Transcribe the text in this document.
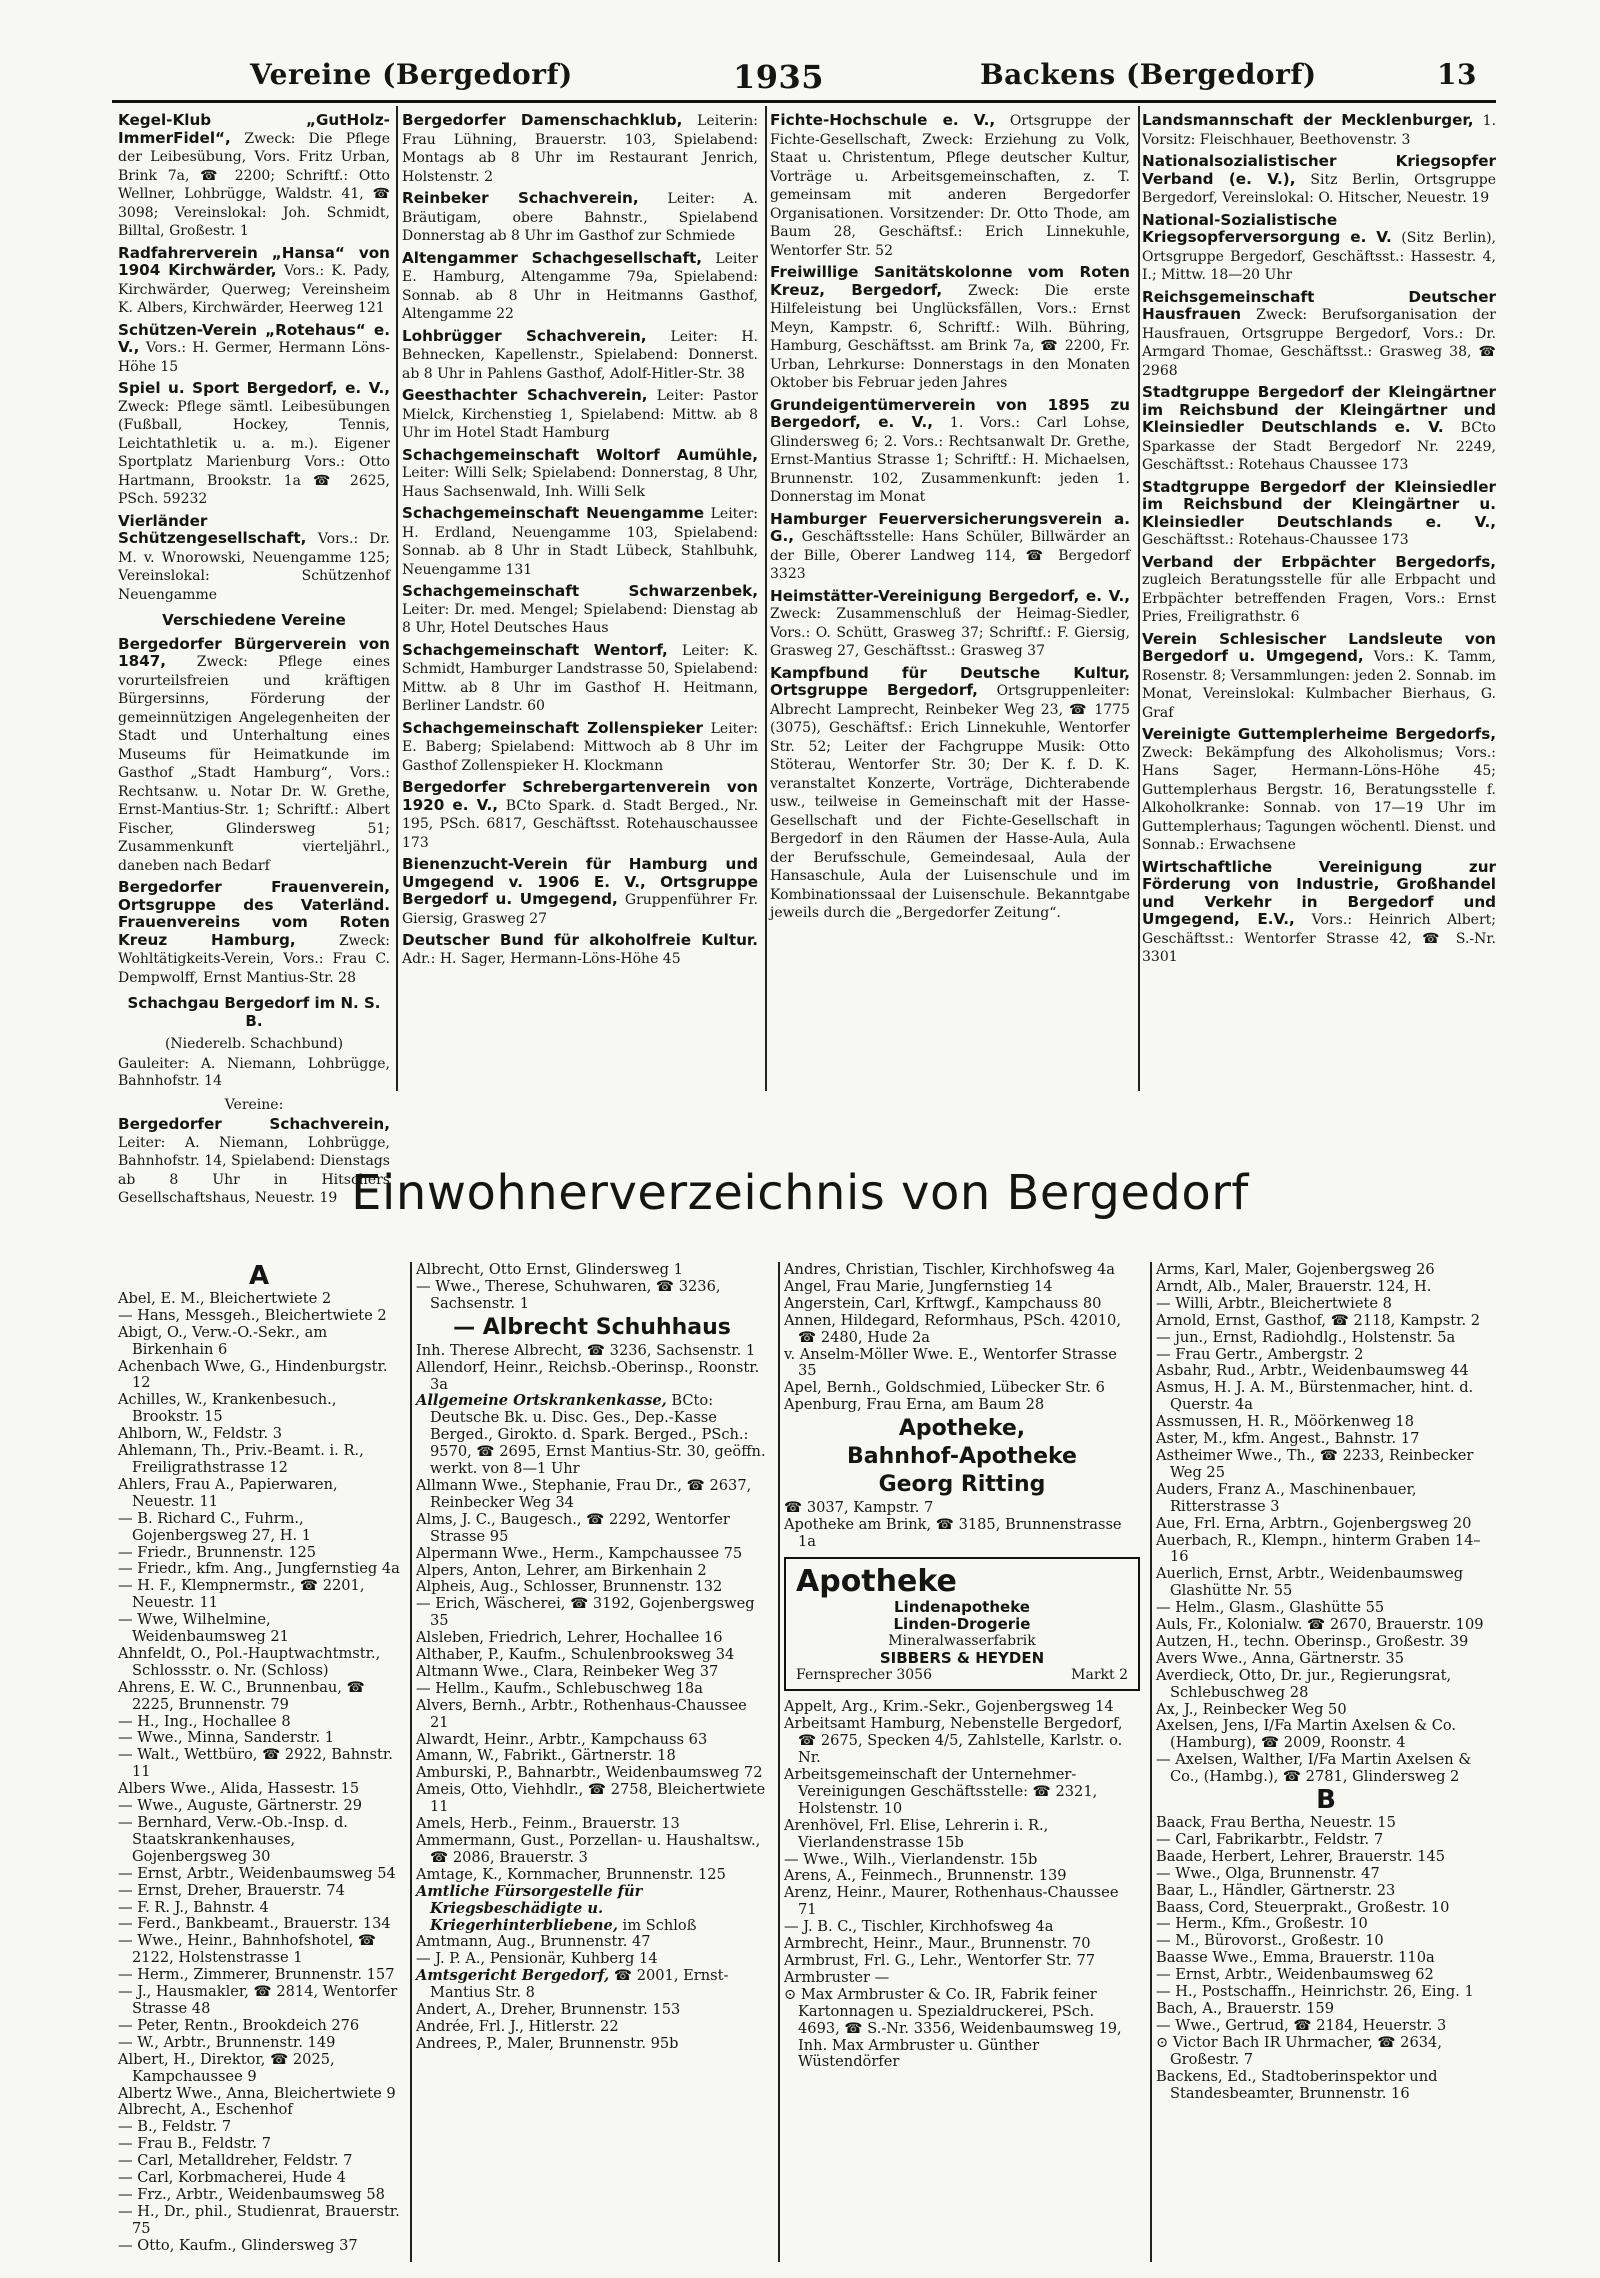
Vereine (Bergedorf)	1935	Backens (Bergedorf)	13
Kegel-Klub „GutHolz-ImmerFidel“, Zweck: Die Pflege der Leibesübung, Vors. Fritz Urban, Brink 7a, ☎ 2200; Schriftf.: Otto Wellner, Lohbrügge, Waldstr. 41, ☎ 3098; Vereinslokal: Joh. Schmidt, Billtal, Großestr. 1
Radfahrerverein „Hansa“ von 1904 Kirchwärder, Vors.: K. Pady, Kirchwärder, Querweg; Vereinsheim K. Albers, Kirchwärder, Heerweg 121
Schützen-Verein „Rotehaus“ e. V., Vors.: H. Germer, Hermann Löns-Höhe 15
Spiel u. Sport Bergedorf, e. V., Zweck: Pflege sämtl. Leibesübungen (Fußball, Hockey, Tennis, Leichtathletik u. a. m.). Eigener Sportplatz Marienburg Vors.: Otto Hartmann, Brookstr. 1a ☎ 2625, PSch. 59232
Vierländer Schützengesellschaft, Vors.: Dr. M. v. Wnorowski, Neuengamme 125; Vereinslokal: Schützenhof Neuengamme
Verschiedene Vereine
Bergedorfer Bürgerverein von 1847, Zweck: Pflege eines vorurteilsfreien und kräftigen Bürgersinns, Förderung der gemeinnützigen Angelegenheiten der Stadt und Unterhaltung eines Museums für Heimatkunde im Gasthof „Stadt Hamburg“, Vors.: Rechtsanw. u. Notar Dr. W. Grethe, Ernst-Mantius-Str. 1; Schriftf.: Albert Fischer, Glindersweg 51; Zusammenkunft vierteljährl., daneben nach Bedarf
Bergedorfer Frauenverein, Ortsgruppe des Vaterländ. Frauenvereins vom Roten Kreuz Hamburg,	Zweck: Wohltätigkeits-Verein, Vors.: Frau C. Dempwolff, Ernst Mantius-Str. 28
Schachgau Bergedorf im N. S. B.
(Niederelb. Schachbund)
Gauleiter: A. Niemann, Lohbrügge, Bahnhofstr. 14
Vereine:
Bergedorfer Schachverein, Leiter: A. Niemann, Lohbrügge, Bahnhofstr. 14, Spielabend: Dienstags ab 8 Uhr in Hitschers Gesellschaftshaus, Neuestr. 19
Bergedorfer Damenschachklub, Leiterin: Frau Lühning, Brauerstr. 103, Spielabend: Montags ab 8 Uhr im Restaurant Jenrich, Holstenstr. 2
Reinbeker Schachverein, Leiter: A. Bräutigam, obere Bahnstr., Spielabend Donnerstag ab 8 Uhr im Gasthof zur Schmiede
Altengammer Schachgesellschaft, Leiter E. Hamburg, Altengamme 79a, Spielabend: Sonnab. ab 8 Uhr in Heitmanns Gasthof, Altengamme 22
Lohbrügger Schachverein, Leiter: H. Behnecken, Kapellenstr., Spielabend: Donnerst. ab 8 Uhr in Pahlens Gasthof, Adolf-Hitler-Str. 38
Geesthachter Schachverein, Leiter: Pastor Mielck, Kirchenstieg 1, Spielabend: Mittw. ab 8 Uhr im Hotel Stadt Hamburg
Schachgemeinschaft Woltorf Aumühle, Leiter: Willi Selk; Spielabend: Donnerstag, 8 Uhr, Haus Sachsenwald, Inh. Willi Selk
Schachgemeinschaft Neuengamme Leiter: H. Erdland, Neuengamme 103, Spielabend: Sonnab. ab 8 Uhr in Stadt Lübeck, Stahlbuhk, Neuengamme 131
Schachgemeinschaft Schwarzenbek, Leiter: Dr. med. Mengel; Spielabend: Dienstag ab 8 Uhr, Hotel Deutsches Haus
Schachgemeinschaft Wentorf, Leiter: K. Schmidt, Hamburger Landstrasse 50, Spielabend: Mittw. ab 8 Uhr im Gasthof H. Heitmann, Berliner Landstr. 60
Schachgemeinschaft Zollenspieker Leiter: E. Baberg; Spielabend: Mittwoch ab 8 Uhr im Gasthof Zollenspieker H. Klockmann
Bergedorfer Schrebergartenverein von 1920 e. V., BCto Spark. d. Stadt Berged., Nr. 195, PSch. 6817, Geschäftsst. Rotehauschaussee 173
Bienenzucht-Verein für Hamburg und Umgegend v. 1906 E. V., Ortsgruppe Bergedorf u. Umgegend, Gruppenführer Fr. Giersig, Grasweg 27
Deutscher Bund für alkoholfreie Kultur. Adr.: H. Sager, Hermann-Löns-Höhe 45
Fichte-Hochschule e. V., Ortsgruppe der Fichte-Gesellschaft, Zweck: Erziehung zu Volk, Staat u. Christentum, Pflege deutscher Kultur, Vorträge u. Arbeitsgemeinschaften, z. T. gemeinsam mit anderen Bergedorfer Organisationen. Vorsitzender: Dr. Otto Thode, am Baum 28, Geschäftsf.: Erich Linnekuhle, Wentorfer Str. 52
Freiwillige Sanitätskolonne vom Roten Kreuz, Bergedorf, Zweck: Die erste Hilfeleistung bei Unglücksfällen, Vors.: Ernst Meyn, Kampstr. 6, Schriftf.: Wilh. Bühring, Hamburg, Geschäftsst. am Brink 7a, ☎ 2200, Fr. Urban, Lehrkurse: Donnerstags in den Monaten Oktober bis Februar jeden Jahres
Grundeigentümerverein von 1895 zu Bergedorf, e. V., 1. Vors.: Carl Lohse, Glindersweg 6; 2. Vors.: Rechtsanwalt Dr. Grethe, Ernst-Mantius Strasse 1; Schriftf.: H. Michaelsen, Brunnenstr. 102, Zusammenkunft: jeden 1. Donnerstag im Monat
Hamburger Feuerversicherungsverein a. G., Geschäftsstelle: Hans Schüler, Billwärder an der Bille, Oberer Landweg 114, ☎ Bergedorf 3323
Heimstätter-Vereinigung Bergedorf, e. V., Zweck: Zusammenschluß der Heimag-Siedler, Vors.: O. Schütt, Grasweg 37; Schriftf.: F. Giersig, Grasweg 27, Geschäftsst.: Grasweg 37
Kampfbund für Deutsche Kultur, Ortsgruppe Bergedorf, Ortsgruppenleiter: Albrecht Lamprecht, Reinbeker Weg 23, ☎ 1775 (3075), Geschäftsf.: Erich Linnekuhle, Wentorfer Str. 52; Leiter der Fachgruppe Musik: Otto Stöterau, Wentorfer Str. 30; Der K. f. D. K. veranstaltet Konzerte, Vorträge, Dichterabende usw., teilweise in Gemeinschaft mit der Hasse-Gesellschaft und der Fichte-Gesellschaft in Bergedorf in den Räumen der Hasse-Aula, Aula der Berufsschule, Gemeindesaal, Aula der Hansaschule, Aula der Luisenschule und im Kombinationssaal der Luisenschule. Bekanntgabe jeweils durch die „Bergedorfer Zeitung“.
Landsmannschaft der Mecklenburger, 1. Vorsitz: Fleischhauer, Beethovenstr. 3
Nationalsozialistischer Kriegsopfer Verband (e. V.), Sitz Berlin, Ortsgruppe Bergedorf, Vereinslokal: O. Hitscher, Neuestr. 19
National-Sozialistische Kriegsopferversorgung e. V. (Sitz Berlin), Ortsgruppe Bergedorf, Geschäftsst.: Hassestr. 4, I.; Mittw. 18—20 Uhr
Reichsgemeinschaft Deutscher Hausfrauen Zweck: Berufsorganisation der Hausfrauen, Ortsgruppe Bergedorf, Vors.: Dr. Armgard Thomae, Geschäftsst.: Grasweg 38, ☎ 2968
Stadtgruppe Bergedorf der Kleingärtner im Reichsbund der Kleingärtner und Kleinsiedler Deutschlands e. V. BCto Sparkasse der Stadt Bergedorf Nr. 2249, Geschäftsst.: Rotehaus Chaussee 173
Stadtgruppe Bergedorf der Kleinsiedler im Reichsbund der Kleingärtner u. Kleinsiedler Deutschlands e. V., Geschäftsst.: Rotehaus-Chaussee 173
Verband der Erbpächter Bergedorfs, zugleich Beratungsstelle für alle Erbpacht und Erbpächter betreffenden Fragen, Vors.: Ernst Pries, Freiligrathstr. 6
Verein Schlesischer Landsleute von Bergedorf u. Umgegend, Vors.: K. Tamm, Rosenstr. 8; Versammlungen: jeden 2. Sonnab. im Monat, Vereinslokal: Kulmbacher Bierhaus, G. Graf
Vereinigte Guttemplerheime Bergedorfs, Zweck: Bekämpfung des Alkoholismus; Vors.: Hans Sager, Hermann-Löns-Höhe 45; Guttemplerhaus Bergstr. 16, Beratungsstelle f. Alkoholkranke: Sonnab. von 17—19 Uhr im Guttemplerhaus; Tagungen wöchentl. Dienst. und Sonnab.: Erwachsene
Wirtschaftliche Vereinigung zur Förderung von Industrie, Großhandel und Verkehr in Bergedorf und Umgegend, E.V., Vors.: Heinrich Albert; Geschäftsst.: Wentorfer Strasse 42, ☎ S.-Nr. 3301
Einwohnerverzeichnis von Bergedorf
A
Abel, E. M., Bleichertwiete 2
— Hans, Messgeh., Bleichertwiete 2
Abigt, O., Verw.-O.-Sekr., am Birkenhain 6
Achenbach Wwe, G., Hindenburgstr. 12
Achilles, W., Krankenbesuch., Brookstr. 15
Ahlborn, W., Feldstr. 3
Ahlemann, Th., Priv.-Beamt. i. R., Freiligrathstrasse 12
Ahlers, Frau A., Papierwaren, Neuestr. 11
— B. Richard C., Fuhrm., Gojenbergsweg 27, H. 1
— Friedr., Brunnenstr. 125
— Friedr., kfm. Ang., Jungfernstieg 4a
— H. F., Klempnermstr., ☎ 2201, Neuestr. 11
— Wwe, Wilhelmine, Weidenbaumsweg 21
Ahnfeldt, O., Pol.-Hauptwachtmstr., Schlossstr. o. Nr. (Schloss)
Ahrens, E. W. C., Brunnenbau, ☎ 2225, Brunnenstr. 79
— H., Ing., Hochallee 8
— Wwe., Minna, Sanderstr. 1
— Walt., Wettbüro, ☎ 2922, Bahnstr. 11
Albers Wwe., Alida, Hassestr. 15
— Wwe., Auguste, Gärtnerstr. 29
— Bernhard, Verw.-Ob.-Insp. d. Staatskrankenhauses, Gojenbergsweg 30
— Ernst, Arbtr., Weidenbaumsweg 54
— Ernst, Dreher, Brauerstr. 74
— F. R. J., Bahnstr. 4
— Ferd., Bankbeamt., Brauerstr. 134
— Wwe., Heinr., Bahnhofshotel, ☎ 2122, Holstenstrasse 1
— Herm., Zimmerer, Brunnenstr. 157
— J., Hausmakler, ☎ 2814, Wentorfer Strasse 48
— Peter, Rentn., Brookdeich 276
— W., Arbtr., Brunnenstr. 149
Albert, H., Direktor, ☎ 2025, Kampchaussee 9
Albertz Wwe., Anna, Bleichertwiete 9
Albrecht, A., Eschenhof
— B., Feldstr. 7
— Frau B., Feldstr. 7
— Carl, Metalldreher, Feldstr. 7
— Carl, Korbmacherei, Hude 4
— Frz., Arbtr., Weidenbaumsweg 58
— H., Dr., phil., Studienrat, Brauerstr. 75
— Otto, Kaufm., Glindersweg 37
Albrecht, Otto Ernst, Glindersweg 1
— Wwe., Therese, Schuhwaren, ☎ 3236, Sachsenstr. 1
— Albrecht Schuhhaus
Inh. Therese Albrecht, ☎ 3236, Sachsenstr. 1
Allendorf, Heinr., Reichsb.-Oberinsp., Roonstr. 3a
Allgemeine Ortskrankenkasse, BCto: Deutsche Bk. u. Disc. Ges., Dep.-Kasse Berged., Girokto. d. Spark. Berged., PSch.: 9570, ☎ 2695, Ernst Mantius-Str. 30, geöffn. werkt. von 8—1 Uhr
Allmann Wwe., Stephanie, Frau Dr., ☎ 2637, Reinbecker Weg 34
Alms, J. C., Baugesch., ☎ 2292, Wentorfer Strasse 95
Alpermann Wwe., Herm., Kampchaussee 75
Alpers, Anton, Lehrer, am Birkenhain 2
Alpheis, Aug., Schlosser, Brunnenstr. 132
— Erich, Wäscherei, ☎ 3192, Gojenbergsweg 35
Alsleben, Friedrich, Lehrer, Hochallee 16
Althaber, P., Kaufm., Schulenbrooksweg 34
Altmann Wwe., Clara, Reinbeker Weg 37
— Hellm., Kaufm., Schlebuschweg 18a
Alvers, Bernh., Arbtr., Rothenhaus-Chaussee 21
Alwardt, Heinr., Arbtr., Kampchauss 63
Amann, W., Fabrikt., Gärtnerstr. 18
Amburski, P., Bahnarbtr., Weidenbaumsweg 72
Ameis, Otto, Viehhdlr., ☎ 2758, Bleichertwiete 11
Amels, Herb., Feinm., Brauerstr. 13
Ammermann, Gust., Porzellan- u. Haushaltsw., ☎ 2086, Brauerstr. 3
Amtage, K., Kornmacher, Brunnenstr. 125
Amtliche Fürsorgestelle für Kriegsbeschädigte u. Kriegerhinterbliebene, im Schloß
Amtmann, Aug., Brunnenstr. 47
— J. P. A., Pensionär, Kuhberg 14
Amtsgericht Bergedorf, ☎ 2001, Ernst-Mantius Str. 8
Andert, A., Dreher, Brunnenstr. 153
Andrée, Frl. J., Hitlerstr. 22
Andrees, P., Maler, Brunnenstr. 95b
Andres, Christian, Tischler, Kirchhofsweg 4a
Angel, Frau Marie, Jungfernstieg 14
Angerstein, Carl, Krftwgf., Kampchauss 80
Annen, Hildegard, Reformhaus, PSch. 42010, ☎ 2480, Hude 2a
v. Anselm-Möller Wwe. E., Wentorfer Strasse 35
Apel, Bernh., Goldschmied, Lübecker Str. 6
Apenburg, Frau Erna, am Baum 28
Apotheke,
Bahnhof-Apotheke
Georg Ritting
☎ 3037, Kampstr. 7
Apotheke am Brink, ☎ 3185, Brunnenstrasse 1a
Apotheke
Lindenapotheke
Linden-Drogerie
Mineralwasserfabrik
SIBBERS & HEYDEN
Fernsprecher 3056	Markt 2
Appelt, Arg., Krim.-Sekr., Gojenbergsweg 14
Arbeitsamt Hamburg, Nebenstelle Bergedorf, ☎ 2675, Specken 4/5, Zahlstelle, Karlstr. o. Nr.
Arbeitsgemeinschaft der Unternehmer-Vereinigungen Geschäftsstelle: ☎ 2321, Holstenstr. 10
Arenhövel, Frl. Elise, Lehrerin i. R., Vierlandenstrasse 15b
— Wwe., Wilh., Vierlandenstr. 15b
Arens, A., Feinmech., Brunnenstr. 139
Arenz, Heinr., Maurer, Rothenhaus-Chaussee 71
— J. B. C., Tischler, Kirchhofsweg 4a
Armbrecht, Heinr., Maur., Brunnenstr. 70
Armbrust, Frl. G., Lehr., Wentorfer Str. 77
Armbruster —
⊙ Max Armbruster & Co. IR, Fabrik feiner Kartonnagen u. Spezialdruckerei, PSch. 4693, ☎ S.-Nr. 3356, Weidenbaumsweg 19, Inh. Max Armbruster u. Günther Wüstendörfer
Arms, Karl, Maler, Gojenbergsweg 26
Arndt, Alb., Maler, Brauerstr. 124, H.
— Willi, Arbtr., Bleichertwiete 8
Arnold, Ernst, Gasthof, ☎ 2118, Kampstr. 2
— jun., Ernst, Radiohdlg., Holstenstr. 5a
— Frau Gertr., Ambergstr. 2
Asbahr, Rud., Arbtr., Weidenbaumsweg 44
Asmus, H. J. A. M., Bürstenmacher, hint. d. Querstr. 4a
Assmussen, H. R., Möörkenweg 18
Aster, M., kfm. Angest., Bahnstr. 17
Astheimer Wwe., Th., ☎ 2233, Reinbecker Weg 25
Auders, Franz A., Maschinenbauer, Ritterstrasse 3
Aue, Frl. Erna, Arbtrn., Gojenbergsweg 20
Auerbach, R., Klempn., hinterm Graben 14–16
Auerlich, Ernst, Arbtr., Weidenbaumsweg Glashütte Nr. 55
— Helm., Glasm., Glashütte 55
Auls, Fr., Kolonialw. ☎ 2670, Brauerstr. 109
Autzen, H., techn. Oberinsp., Großestr. 39
Avers Wwe., Anna, Gärtnerstr. 35
Averdieck, Otto, Dr. jur., Regierungsrat, Schlebuschweg 28
Ax, J., Reinbecker Weg 50
Axelsen, Jens, I/Fa Martin Axelsen & Co. (Hamburg), ☎ 2009, Roonstr. 4
— Axelsen, Walther, I/Fa Martin Axelsen & Co., (Hambg.), ☎ 2781, Glindersweg 2
B
Baack, Frau Bertha, Neuestr. 15
— Carl, Fabrikarbtr., Feldstr. 7
Baade, Herbert, Lehrer, Brauerstr. 145
— Wwe., Olga, Brunnenstr. 47
Baar, L., Händler, Gärtnerstr. 23
Baass, Cord, Steuerprakt., Großestr. 10
— Herm., Kfm., Großestr. 10
— M., Bürovorst., Großestr. 10
Baasse Wwe., Emma, Brauerstr. 110a
— Ernst, Arbtr., Weidenbaumsweg 62
— H., Postschaffn., Heinrichstr. 26, Eing. 1
Bach, A., Brauerstr. 159
— Wwe., Gertrud, ☎ 2184, Heuerstr. 3
⊙ Victor Bach IR Uhrmacher, ☎ 2634, Großestr. 7
Backens, Ed., Stadtoberinspektor und Standesbeamter, Brunnenstr. 16
